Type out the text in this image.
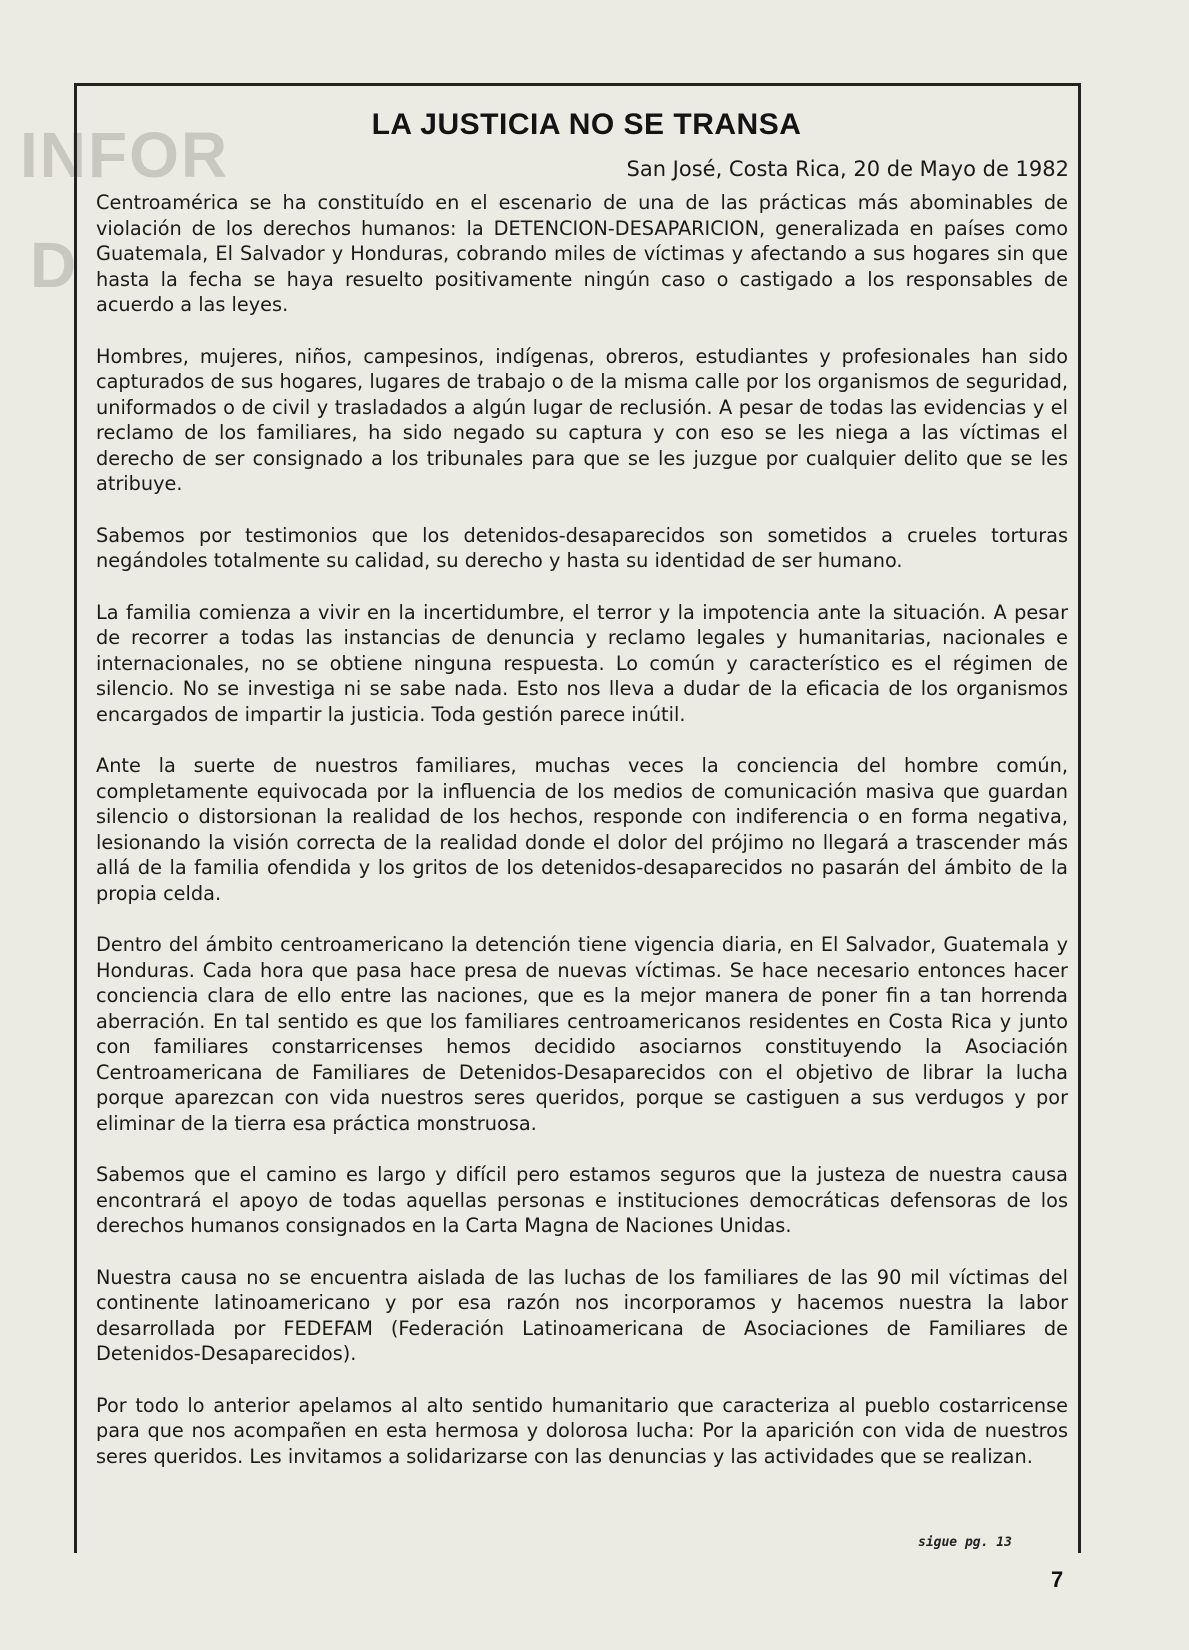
INFOR
D
LA JUSTICIA NO SE TRANSA
San José, Costa Rica, 20 de Mayo de 1982

Centroamérica se ha constituído en el escenario de una de las prácticas más abominables de violación de los derechos humanos: la DETENCION-DESAPARICION, generalizada en países como Guatemala, El Salvador y Honduras, cobrando miles de víctimas y afectando a sus hogares sin que hasta la fecha se haya resuelto positivamente ningún caso o castigado a los responsables de acuerdo a las leyes.

Hombres, mujeres, niños, campesinos, indígenas, obreros, estudiantes y profesionales han sido capturados de sus hogares, lugares de trabajo o de la misma calle por los organismos de seguridad, uniformados o de civil y trasladados a algún lugar de reclusión. A pesar de todas las evidencias y el reclamo de los familiares, ha sido negado su captura y con eso se les niega a las víctimas el derecho de ser consignado a los tribunales para que se les juzgue por cualquier delito que se les atribuye.

Sabemos por testimonios que los detenidos-desaparecidos son sometidos a crueles torturas negándoles totalmente su calidad, su derecho y hasta su identidad de ser humano.

La familia comienza a vivir en la incertidumbre, el terror y la impotencia ante la situación. A pesar de recorrer a todas las instancias de denuncia y reclamo legales y humanitarias, nacionales e internacionales, no se obtiene ninguna respuesta. Lo común y característico es el régimen de silencio. No se investiga ni se sabe nada. Esto nos lleva a dudar de la eficacia de los organismos encargados de impartir la justicia. Toda gestión parece inútil.

Ante la suerte de nuestros familiares, muchas veces la conciencia del hombre común, completamente equivocada por la influencia de los medios de comunicación masiva que guardan silencio o distorsionan la realidad de los hechos, responde con indiferencia o en forma negativa, lesionando la visión correcta de la realidad donde el dolor del prójimo no llegará a trascender más allá de la familia ofendida y los gritos de los detenidos-desaparecidos no pasarán del ámbito de la propia celda.

Dentro del ámbito centroamericano la detención tiene vigencia diaria, en El Salvador, Guatemala y Honduras. Cada hora que pasa hace presa de nuevas víctimas. Se hace necesario entonces hacer conciencia clara de ello entre las naciones, que es la mejor manera de poner fin a tan horrenda aberración. En tal sentido es que los familiares centroamericanos residentes en Costa Rica y junto con familiares constarricenses hemos decidido asociarnos constituyendo la Asociación Centroamericana de Familiares de Detenidos-Desaparecidos con el objetivo de librar la lucha porque aparezcan con vida nuestros seres queridos, porque se castiguen a sus verdugos y por eliminar de la tierra esa práctica monstruosa.

Sabemos que el camino es largo y difícil pero estamos seguros que la justeza de nuestra causa encontrará el apoyo de todas aquellas personas e instituciones democráticas defensoras de los derechos humanos consignados en la Carta Magna de Naciones Unidas.

Nuestra causa no se encuentra aislada de las luchas de los familiares de las 90 mil víctimas del continente latinoamericano y por esa razón nos incorporamos y hacemos nuestra la labor desarrollada por FEDEFAM (Federación Latinoamericana de Asociaciones de Familiares de Detenidos-Desaparecidos).

Por todo lo anterior apelamos al alto sentido humanitario que caracteriza al pueblo costarricense para que nos acompañen en esta hermosa y dolorosa lucha: Por la aparición con vida de nuestros seres queridos. Les invitamos a solidarizarse con las denuncias y las actividades que se realizan.

sigue pg. 13
7
